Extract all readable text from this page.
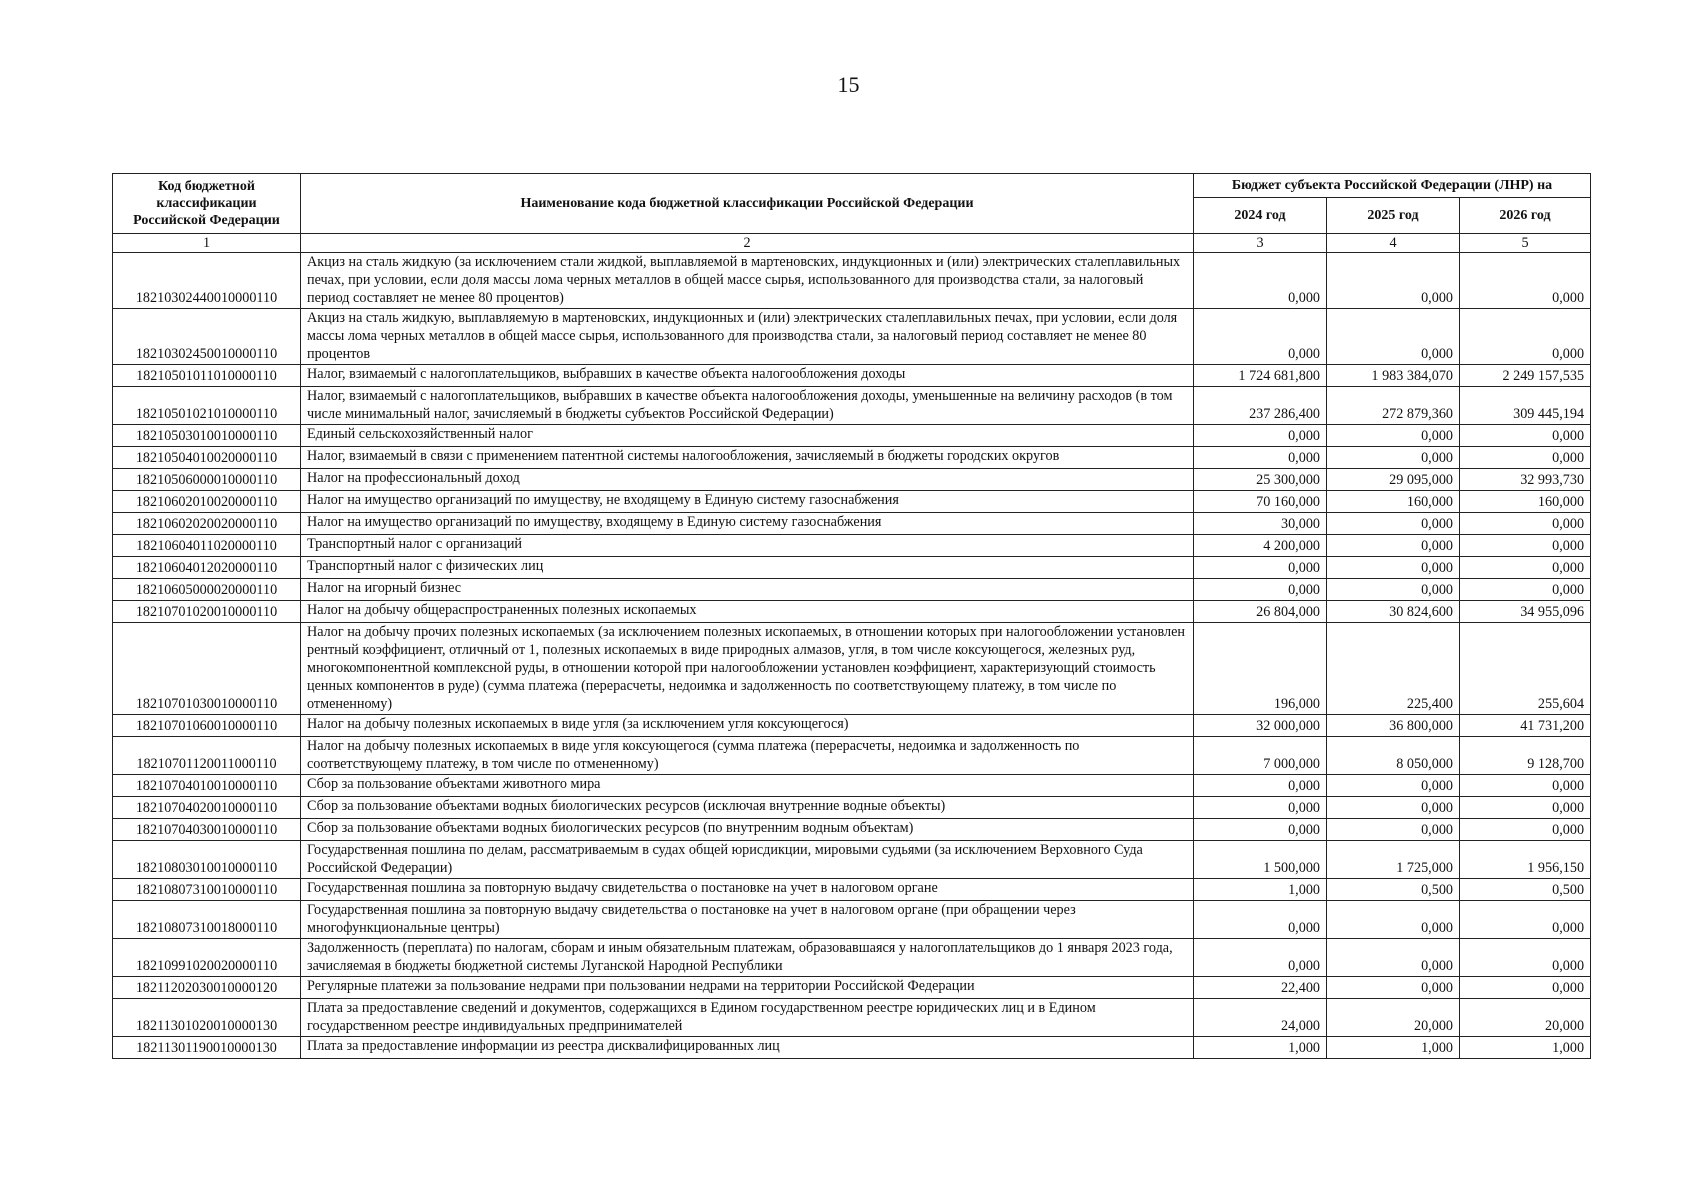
15
Код бюджетной классификации Российской Федерации	Наименование кода бюджетной классификации Российской Федерации	Бюджет субъекта Российской Федерации (ЛНР) на		
		2024 год	2025 год	2026 год
1	2	3	4	5
18210302440010000110	Акциз на сталь жидкую (за исключением стали жидкой, выплавляемой в мартеновских, индукционных и (или) электрических сталеплавильных печах, при условии, если доля массы лома черных металлов в общей массе сырья, использованного для производства стали, за налоговый период составляет не менее 80 процентов)	0,000	0,000	0,000
18210302450010000110	Акциз на сталь жидкую, выплавляемую в мартеновских, индукционных и (или) электрических сталеплавильных печах, при условии, если доля массы лома черных металлов в общей массе сырья, использованного для производства стали, за налоговый период составляет не менее 80 процентов	0,000	0,000	0,000
18210501011010000110	Налог, взимаемый с налогоплательщиков, выбравших в качестве объекта налогообложения доходы	1 724 681,800	1 983 384,070	2 249 157,535
18210501021010000110	Налог, взимаемый с налогоплательщиков, выбравших в качестве объекта налогообложения доходы, уменьшенные на величину расходов (в том числе минимальный налог, зачисляемый в бюджеты субъектов Российской Федерации)	237 286,400	272 879,360	309 445,194
18210503010010000110	Единый сельскохозяйственный налог	0,000	0,000	0,000
18210504010020000110	Налог, взимаемый в связи с применением патентной системы налогообложения, зачисляемый в бюджеты городских округов	0,000	0,000	0,000
18210506000010000110	Налог на профессиональный доход	25 300,000	29 095,000	32 993,730
18210602010020000110	Налог на имущество организаций по имуществу, не входящему в Единую систему газоснабжения	70 160,000	160,000	160,000
18210602020020000110	Налог на имущество организаций по имуществу, входящему в Единую систему газоснабжения	30,000	0,000	0,000
18210604011020000110	Транспортный налог с организаций	4 200,000	0,000	0,000
18210604012020000110	Транспортный налог с физических лиц	0,000	0,000	0,000
18210605000020000110	Налог на игорный бизнес	0,000	0,000	0,000
18210701020010000110	Налог на добычу общераспространенных полезных ископаемых	26 804,000	30 824,600	34 955,096
18210701030010000110	Налог на добычу прочих полезных ископаемых (за исключением полезных ископаемых, в отношении которых при налогообложении установлен рентный коэффициент, отличный от 1, полезных ископаемых в виде природных алмазов, угля, в том числе коксующегося, железных руд, многокомпонентной комплексной руды, в отношении которой при налогообложении установлен коэффициент, характеризующий стоимость ценных компонентов в руде) (сумма платежа (перерасчеты, недоимка и задолженность по соответствующему платежу, в том числе по отмененному)	196,000	225,400	255,604
18210701060010000110	Налог на добычу полезных ископаемых в виде угля (за исключением угля коксующегося)	32 000,000	36 800,000	41 731,200
18210701120011000110	Налог на добычу полезных ископаемых в виде угля коксующегося (сумма платежа (перерасчеты, недоимка и задолженность по соответствующему платежу, в том числе по отмененному)	7 000,000	8 050,000	9 128,700
18210704010010000110	Сбор за пользование объектами животного мира	0,000	0,000	0,000
18210704020010000110	Сбор за пользование объектами водных биологических ресурсов (исключая внутренние водные объекты)	0,000	0,000	0,000
18210704030010000110	Сбор за пользование объектами водных биологических ресурсов (по внутренним водным объектам)	0,000	0,000	0,000
18210803010010000110	Государственная пошлина по делам, рассматриваемым в судах общей юрисдикции, мировыми судьями (за исключением Верховного Суда Российской Федерации)	1 500,000	1 725,000	1 956,150
18210807310010000110	Государственная пошлина за повторную выдачу свидетельства о постановке на учет в налоговом органе	1,000	0,500	0,500
18210807310018000110	Государственная пошлина за повторную выдачу свидетельства о постановке на учет в налоговом органе (при обращении через многофункциональные центры)	0,000	0,000	0,000
18210991020020000110	Задолженность (переплата) по налогам, сборам и иным обязательным платежам, образовавшаяся у налогоплательщиков до 1 января 2023 года, зачисляемая в бюджеты бюджетной системы Луганской Народной Республики	0,000	0,000	0,000
18211202030010000120	Регулярные платежи за пользование недрами при пользовании недрами на территории Российской Федерации	22,400	0,000	0,000
18211301020010000130	Плата за предоставление сведений и документов, содержащихся в Едином государственном реестре юридических лиц и в Едином государственном реестре индивидуальных предпринимателей	24,000	20,000	20,000
18211301190010000130	Плата за предоставление информации из реестра дисквалифицированных лиц	1,000	1,000	1,000
